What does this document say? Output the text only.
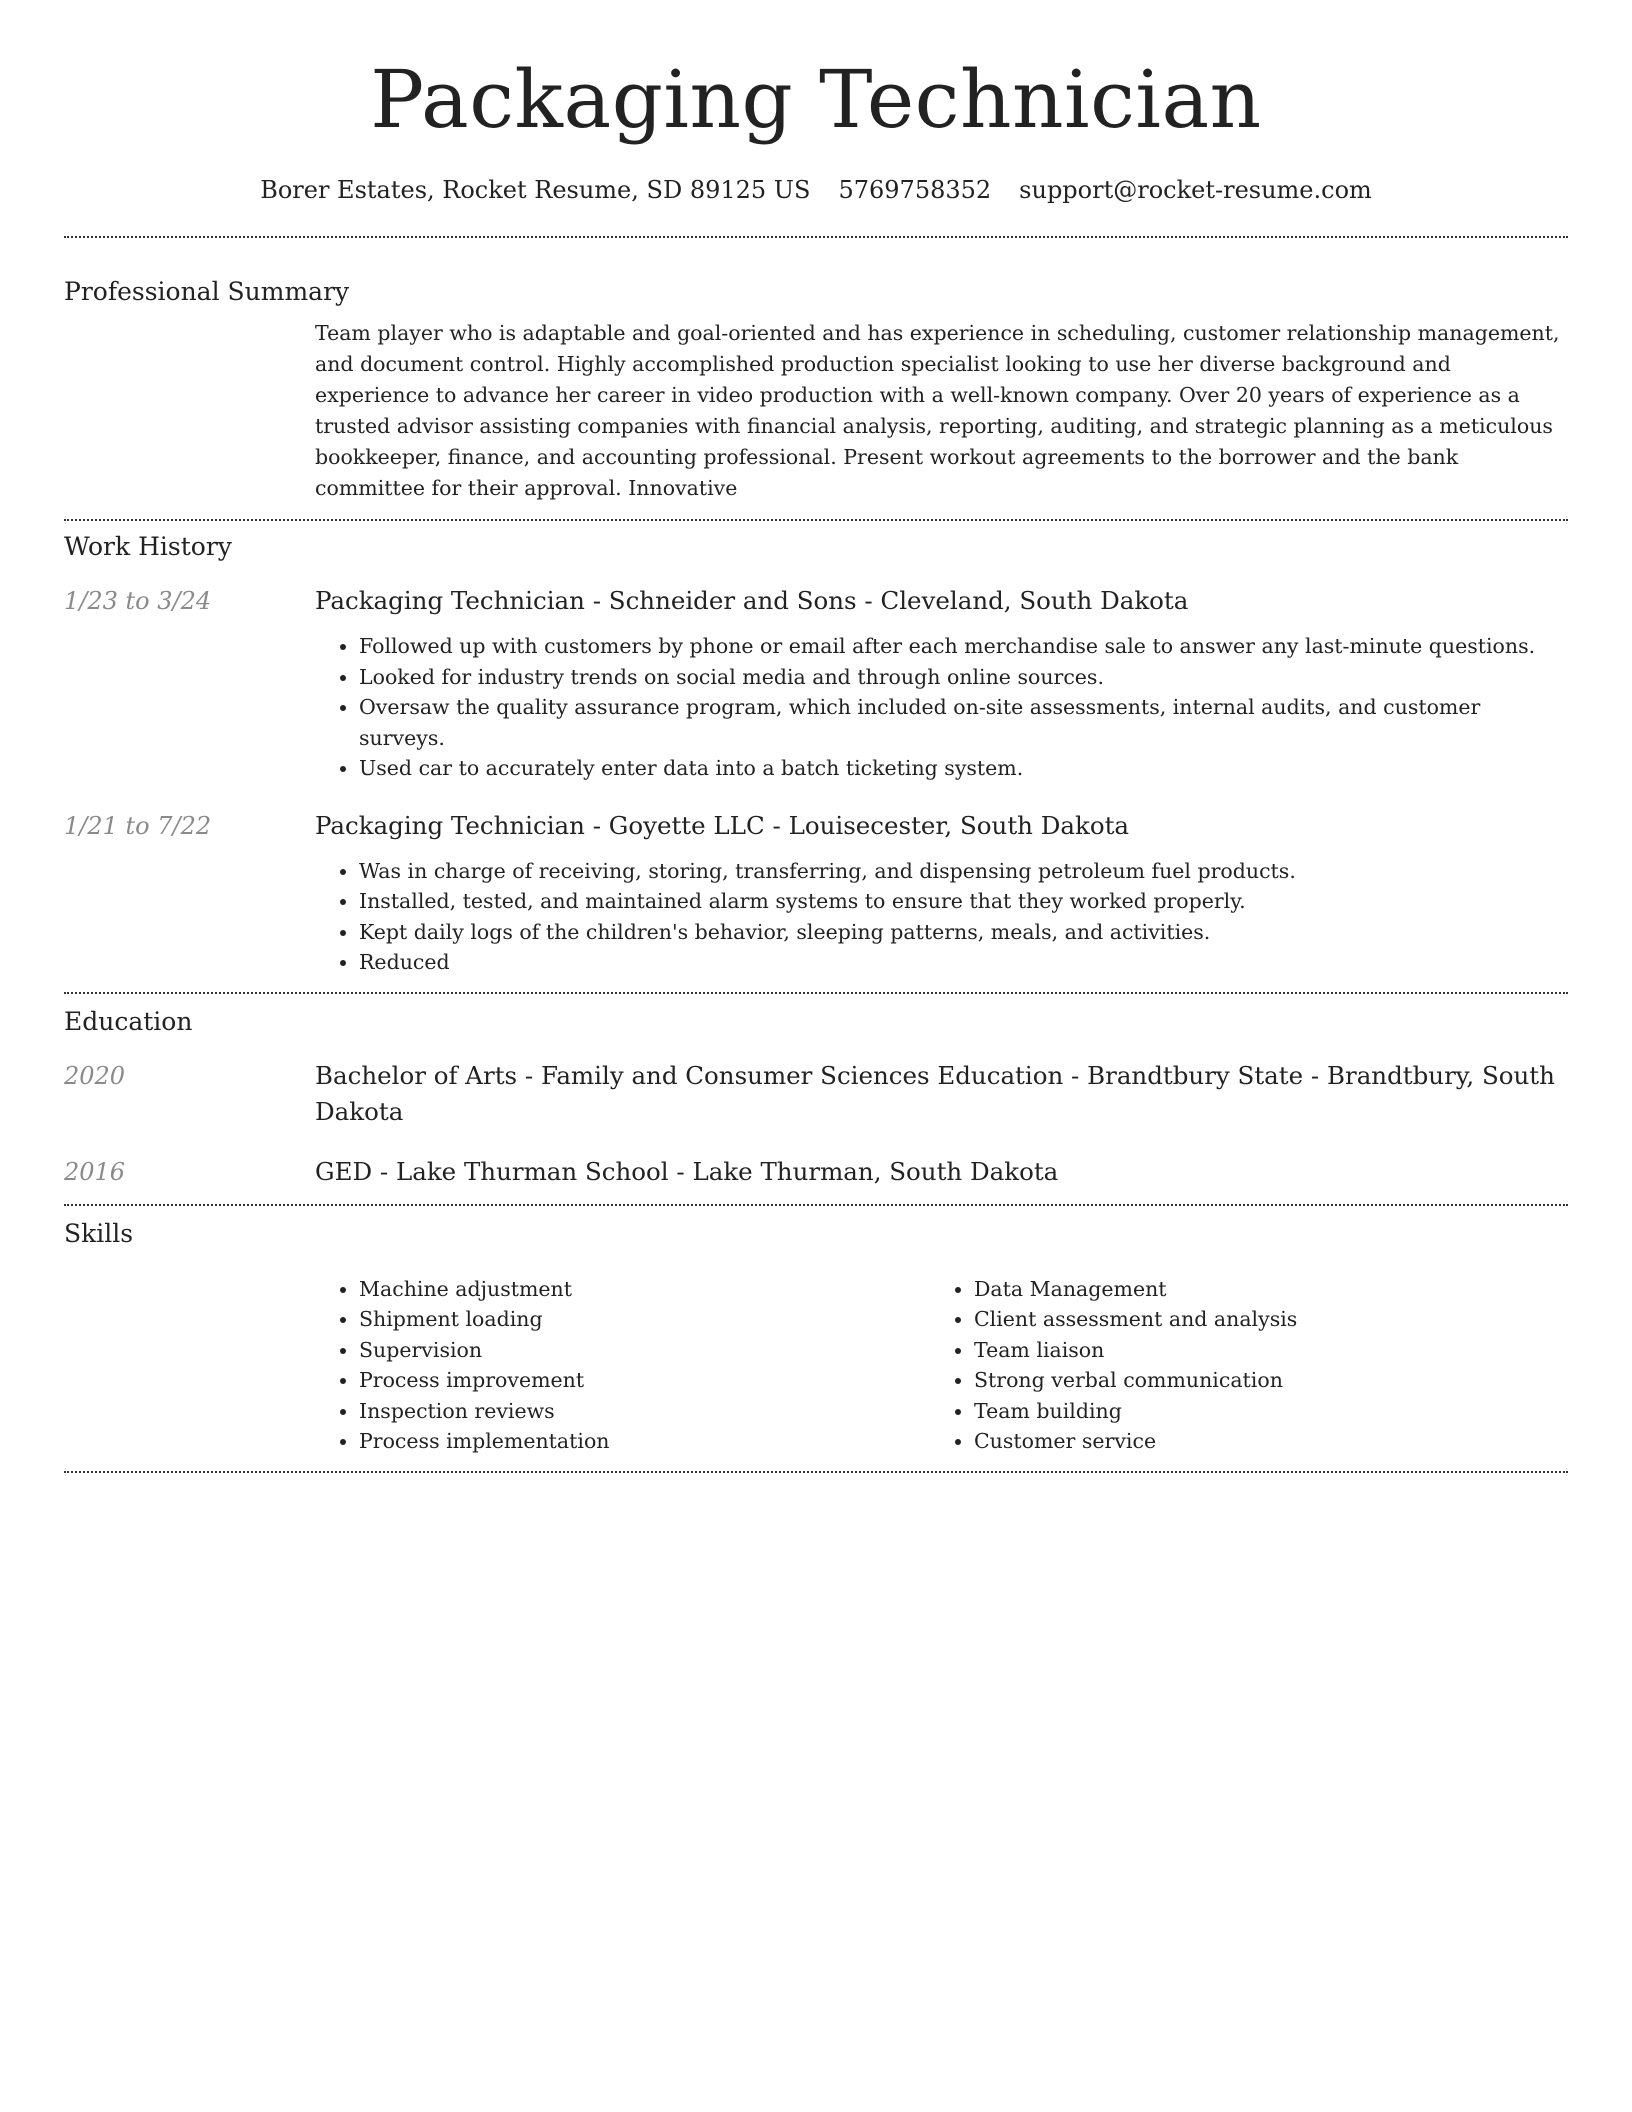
Packaging Technician
Borer Estates, Rocket Resume, SD 89125 US 5769758352 support@rocket-resume.com
Professional Summary
Team player who is adaptable and goal-oriented and has experience in scheduling, customer relationship management, and document control. Highly accomplished production specialist looking to use her diverse background and experience to advance her career in video production with a well-known company. Over 20 years of experience as a trusted advisor assisting companies with financial analysis, reporting, auditing, and strategic planning as a meticulous bookkeeper, finance, and accounting professional. Present workout agreements to the borrower and the bank committee for their approval. Innovative
Work History
1/23 to 3/24	Packaging Technician - Schneider and Sons - Cleveland, South Dakota
• Followed up with customers by phone or email after each merchandise sale to answer any last-minute questions.
• Looked for industry trends on social media and through online sources.
• Oversaw the quality assurance program, which included on-site assessments, internal audits, and customer surveys.
• Used car to accurately enter data into a batch ticketing system.
1/21 to 7/22	Packaging Technician - Goyette LLC - Louisecester, South Dakota
• Was in charge of receiving, storing, transferring, and dispensing petroleum fuel products.
• Installed, tested, and maintained alarm systems to ensure that they worked properly.
• Kept daily logs of the children's behavior, sleeping patterns, meals, and activities.
• Reduced
Education
2020	Bachelor of Arts - Family and Consumer Sciences Education - Brandtbury State - Brandtbury, South Dakota
2016	GED - Lake Thurman School - Lake Thurman, South Dakota
Skills
• Machine adjustment
• Shipment loading
• Supervision
• Process improvement
• Inspection reviews
• Process implementation
• Data Management
• Client assessment and analysis
• Team liaison
• Strong verbal communication
• Team building
• Customer service
